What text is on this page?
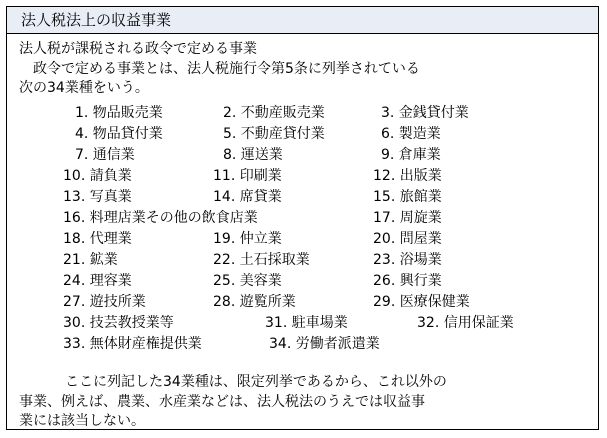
法人税法上の収益事業
法人税が課税される政令で定める事業
政令で定める事業とは、法人税施行令第5条に列挙されている
次の34業種をいう。
1. 物品販売業	2. 不動産販売業	3. 金銭貸付業
4. 物品貸付業	5. 不動産貸付業	6. 製造業
7. 通信業	8. 運送業	9. 倉庫業
10. 請負業	11. 印刷業	12. 出版業
13. 写真業	14. 席貸業	15. 旅館業
16. 料理店業その他の飲食店業	17. 周旋業
18. 代理業	19. 仲立業	20. 問屋業
21. 鉱業	22. 土石採取業	23. 浴場業
24. 理容業	25. 美容業	26. 興行業
27. 遊技所業	28. 遊覧所業	29. 医療保健業
30. 技芸教授業等	31. 駐車場業	32. 信用保証業
33. 無体財産権提供業	34. 労働者派遣業
ここに列記した34業種は、限定列挙であるから、これ以外の
事業、例えば、農業、水産業などは、法人税法のうえでは収益事
業には該当しない。
